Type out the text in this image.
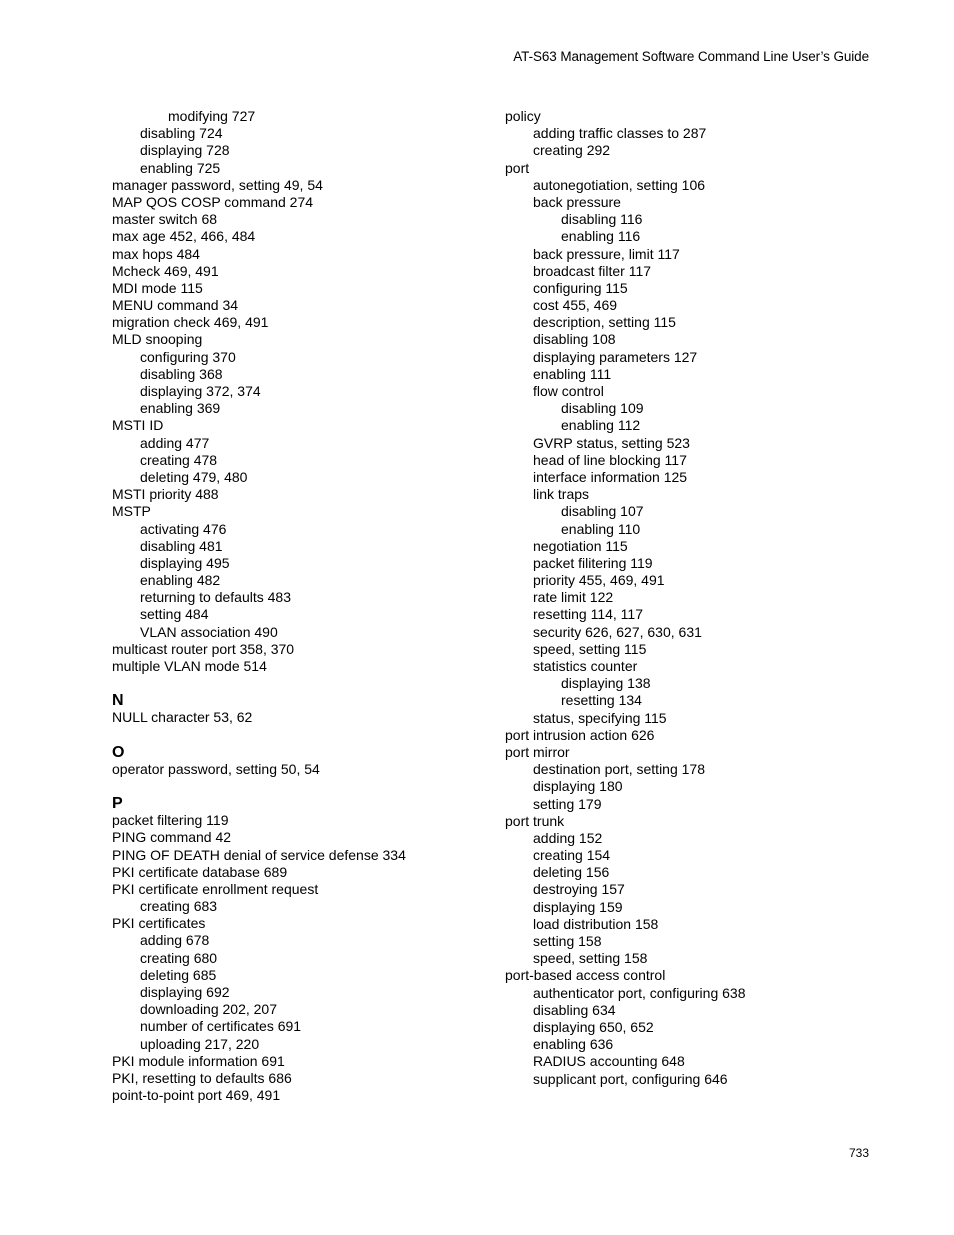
AT-S63 Management Software Command Line User’s Guide
modifying 727
disabling 724
displaying 728
enabling 725
manager password, setting 49, 54
MAP QOS COSP command 274
master switch 68
max age 452, 466, 484
max hops 484
Mcheck 469, 491
MDI mode 115
MENU command 34
migration check 469, 491
MLD snooping
configuring 370
disabling 368
displaying 372, 374
enabling 369
MSTI ID
adding 477
creating 478
deleting 479, 480
MSTI priority 488
MSTP
activating 476
disabling 481
displaying 495
enabling 482
returning to defaults 483
setting 484
VLAN association 490
multicast router port 358, 370
multiple VLAN mode 514
N
NULL character 53, 62
O
operator password, setting 50, 54
P
packet filtering 119
PING command 42
PING OF DEATH denial of service defense 334
PKI certificate database 689
PKI certificate enrollment request
creating 683
PKI certificates
adding 678
creating 680
deleting 685
displaying 692
downloading 202, 207
number of certificates 691
uploading 217, 220
PKI module information 691
PKI, resetting to defaults 686
point-to-point port 469, 491
policy
adding traffic classes to 287
creating 292
port
autonegotiation, setting 106
back pressure
disabling 116
enabling 116
back pressure, limit 117
broadcast filter 117
configuring 115
cost 455, 469
description, setting 115
disabling 108
displaying parameters 127
enabling 111
flow control
disabling 109
enabling 112
GVRP status, setting 523
head of line blocking 117
interface information 125
link traps
disabling 107
enabling 110
negotiation 115
packet filitering 119
priority 455, 469, 491
rate limit 122
resetting 114, 117
security 626, 627, 630, 631
speed, setting 115
statistics counter
displaying 138
resetting 134
status, specifying 115
port intrusion action 626
port mirror
destination port, setting 178
displaying 180
setting 179
port trunk
adding 152
creating 154
deleting 156
destroying 157
displaying 159
load distribution 158
setting 158
speed, setting 158
port-based access control
authenticator port, configuring 638
disabling 634
displaying 650, 652
enabling 636
RADIUS accounting 648
supplicant port, configuring 646
733
